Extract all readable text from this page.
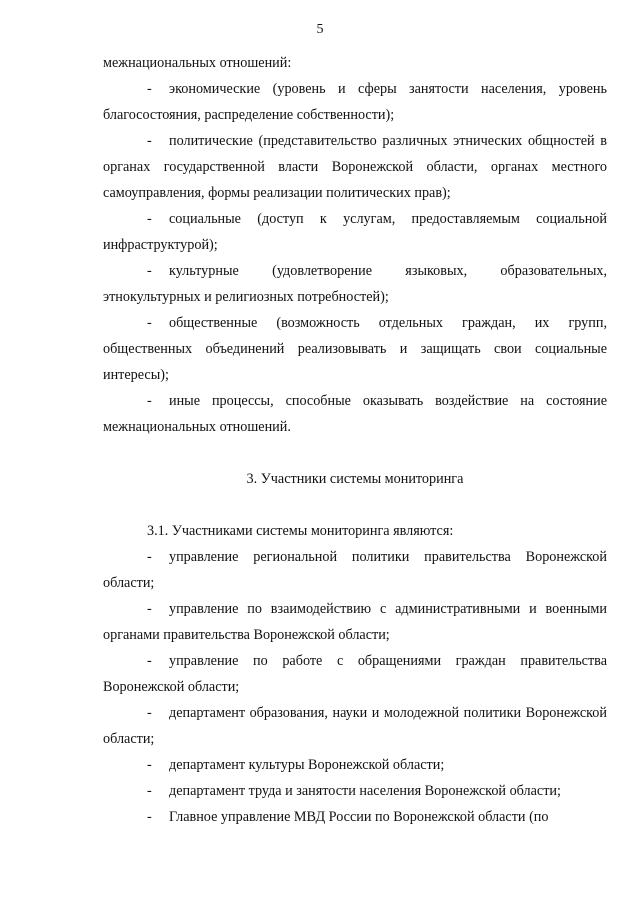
5

межнациональных отношений:

- экономические (уровень и сферы занятости населения, уровень благосостояния, распределение собственности);

- политические (представительство различных этнических общностей в органах государственной власти Воронежской области, органах местного самоуправления, формы реализации политических прав);

- социальные (доступ к услугам, предоставляемым социальной инфраструктурой);

- культурные (удовлетворение языковых, образовательных, этнокультурных и религиозных потребностей);

- общественные (возможность отдельных граждан, их групп, общественных объединений реализовывать и защищать свои социальные интересы);

- иные процессы, способные оказывать воздействие на состояние межнациональных отношений.

3. Участники системы мониторинга

3.1. Участниками системы мониторинга являются:

- управление региональной политики правительства Воронежской области;

- управление по взаимодействию с административными и военными органами правительства Воронежской области;

- управление по работе с обращениями граждан правительства Воронежской области;

- департамент образования, науки и молодежной политики Воронежской области;

- департамент культуры Воронежской области;

- департамент труда и занятости населения Воронежской области;

- Главное управление МВД России по Воронежской области (по
